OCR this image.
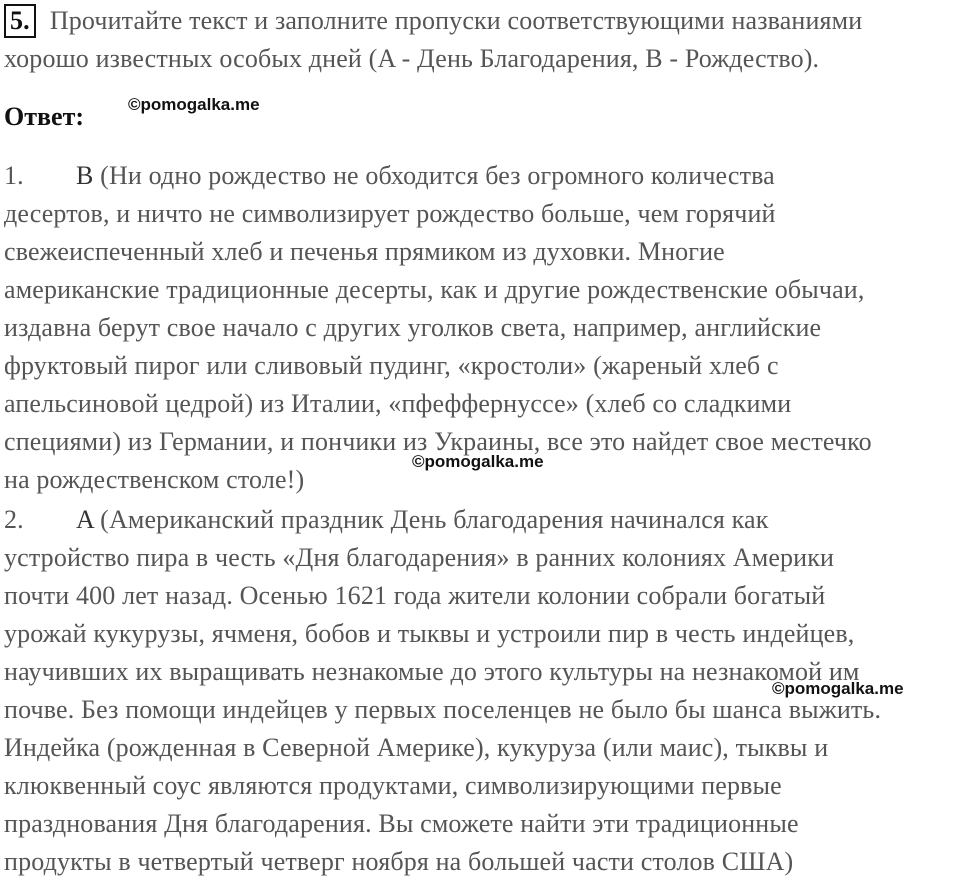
5. Прочитайте текст и заполните пропуски соответствующими названиями
хорошо известных особых дней (A - День Благодарения, B - Рождество).
Ответ:	©pomogalka.me
1. B (Ни одно рождество не обходится без огромного количества
десертов, и ничто не символизирует рождество больше, чем горячий
свежеиспеченный хлеб и печенья прямиком из духовки. Многие
американские традиционные десерты, как и другие рождественские обычаи,
издавна берут свое начало с других уголков света, например, английские
фруктовый пирог или сливовый пудинг, «кростоли» (жареный хлеб с
апельсиновой цедрой) из Италии, «пфеффернуссе» (хлеб со сладкими
специями) из Германии, и пончики из Украины, все это найдет свое местечко
на рождественском столе!)
©pomogalka.me
2. A (Американский праздник День благодарения начинался как
устройство пира в честь «Дня благодарения» в ранних колониях Америки
почти 400 лет назад. Осенью 1621 года жители колонии собрали богатый
урожай кукурузы, ячменя, бобов и тыквы и устроили пир в честь индейцев,
научивших их выращивать незнакомые до этого культуры на незнакомой им
©pomogalka.me
почве. Без помощи индейцев у первых поселенцев не было бы шанса выжить.
Индейка (рожденная в Северной Америке), кукуруза (или маис), тыквы и
клюквенный соус являются продуктами, символизирующими первые
празднования Дня благодарения. Вы сможете найти эти традиционные
продукты в четвертый четверг ноября на большей части столов США)
